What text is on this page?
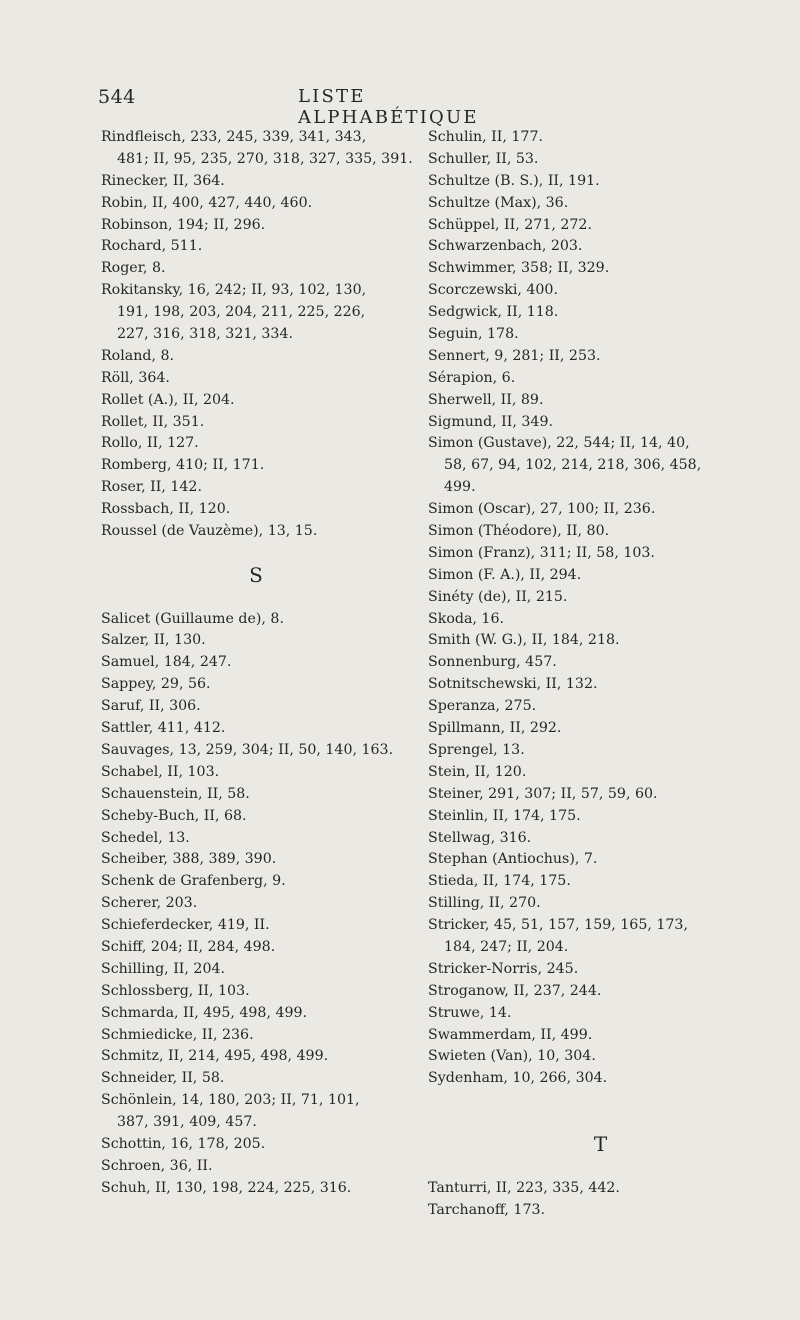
544	LISTE ALPHABÉTIQUE
Rindfleisch, 233, 245, 339, 341, 343,
481; II, 95, 235, 270, 318, 327, 335, 391.
Rinecker, II, 364.
Robin, II, 400, 427, 440, 460.
Robinson, 194; II, 296.
Rochard, 511.
Roger, 8.
Rokitansky, 16, 242; II, 93, 102, 130,
191, 198, 203, 204, 211, 225, 226,
227, 316, 318, 321, 334.
Roland, 8.
Röll, 364.
Rollet (A.), II, 204.
Rollet, II, 351.
Rollo, II, 127.
Romberg, 410; II, 171.
Roser, II, 142.
Rossbach, II, 120.
Roussel (de Vauzème), 13, 15.
S
Salicet (Guillaume de), 8.
Salzer, II, 130.
Samuel, 184, 247.
Sappey, 29, 56.
Saruf, II, 306.
Sattler, 411, 412.
Sauvages, 13, 259, 304; II, 50, 140, 163.
Schabel, II, 103.
Schauenstein, II, 58.
Scheby-Buch, II, 68.
Schedel, 13.
Scheiber, 388, 389, 390.
Schenk de Grafenberg, 9.
Scherer, 203.
Schieferdecker, 419, II.
Schiff, 204; II, 284, 498.
Schilling, II, 204.
Schlossberg, II, 103.
Schmarda, II, 495, 498, 499.
Schmiedicke, II, 236.
Schmitz, II, 214, 495, 498, 499.
Schneider, II, 58.
Schönlein, 14, 180, 203; II, 71, 101,
387, 391, 409, 457.
Schottin, 16, 178, 205.
Schroen, 36, II.
Schuh, II, 130, 198, 224, 225, 316.
Schulin, II, 177.
Schuller, II, 53.
Schultze (B. S.), II, 191.
Schultze (Max), 36.
Schüppel, II, 271, 272.
Schwarzenbach, 203.
Schwimmer, 358; II, 329.
Scorczewski, 400.
Sedgwick, II, 118.
Seguin, 178.
Sennert, 9, 281; II, 253.
Sérapion, 6.
Sherwell, II, 89.
Sigmund, II, 349.
Simon (Gustave), 22, 544; II, 14, 40,
58, 67, 94, 102, 214, 218, 306, 458,
499.
Simon (Oscar), 27, 100; II, 236.
Simon (Théodore), II, 80.
Simon (Franz), 311; II, 58, 103.
Simon (F. A.), II, 294.
Sinéty (de), II, 215.
Skoda, 16.
Smith (W. G.), II, 184, 218.
Sonnenburg, 457.
Sotnitschewski, II, 132.
Speranza, 275.
Spillmann, II, 292.
Sprengel, 13.
Stein, II, 120.
Steiner, 291, 307; II, 57, 59, 60.
Steinlin, II, 174, 175.
Stellwag, 316.
Stephan (Antiochus), 7.
Stieda, II, 174, 175.
Stilling, II, 270.
Stricker, 45, 51, 157, 159, 165, 173,
184, 247; II, 204.
Stricker-Norris, 245.
Stroganow, II, 237, 244.
Struwe, 14.
Swammerdam, II, 499.
Swieten (Van), 10, 304.
Sydenham, 10, 266, 304.
T
Tanturri, II, 223, 335, 442.
Tarchanoff, 173.
